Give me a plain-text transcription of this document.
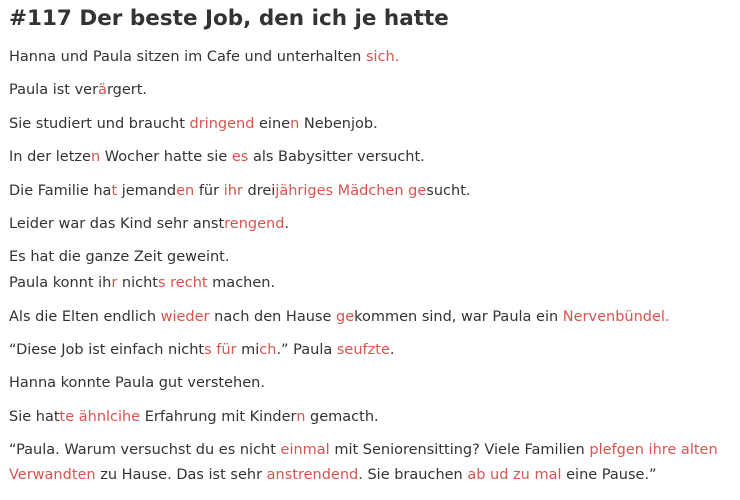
#117 Der beste Job, den ich je hatte

Hanna und Paula sitzen im Cafe und unterhalten sich.

Paula ist verärgert.

Sie studiert und braucht dringend einen Nebenjob.

In der letzen Wocher hatte sie es als Babysitter versucht.

Die Familie hat jemanden für ihr dreijähriges Mädchen gesucht.

Leider war das Kind sehr anstrengend.

Es hat die ganze Zeit geweint.

Paula konnt ihr nichts recht machen.

Als die Elten endlich wieder nach den Hause gekommen sind, war Paula ein Nervenbündel.

“Diese Job ist einfach nichts für mich.” Paula seufzte.

Hanna konnte Paula gut verstehen.

Sie hatte ähnlcihe Erfahrung mit Kindern gemacth.

“Paula. Warum versuchst du es nicht einmal mit Seniorensitting? Viele Familien plefgen ihre alten Verwandten zu Hause. Das ist sehr anstrendend. Sie brauchen ab ud zu mal eine Pause.”
